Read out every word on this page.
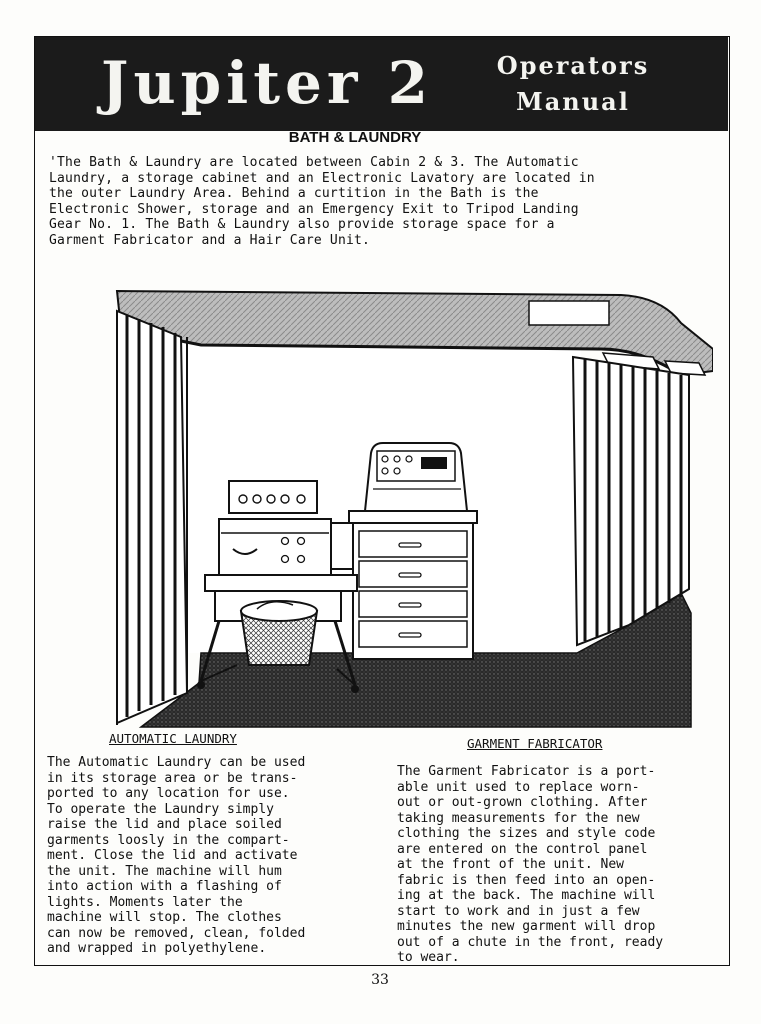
Jupiter 2	Operators
Manual
BATH & LAUNDRY
'The Bath & Laundry are located between Cabin 2 & 3. The Automatic
Laundry, a storage cabinet and an Electronic Lavatory are located in
the outer Laundry Area. Behind a curtition in the Bath is the
Electronic Shower, storage and an Emergency Exit to Tripod Landing
Gear No. 1. The Bath & Laundry also provide storage space for a
Garment Fabricator and a Hair Care Unit.
AUTOMATIC LAUNDRY	GARMENT FABRICATOR
The Automatic Laundry can be used
in its storage area or be trans-
ported to any location for use.
To operate the Laundry simply
raise the lid and place soiled
garments loosly in the compart-
ment. Close the lid and activate
the unit. The machine will hum
into action with a flashing of
lights. Moments later the
machine will stop. The clothes
can now be removed, clean, folded
and wrapped in polyethylene.
The Garment Fabricator is a port-
able unit used to replace worn-
out or out-grown clothing. After
taking measurements for the new
clothing the sizes and style code
are entered on the control panel
at the front of the unit. New
fabric is then feed into an open-
ing at the back. The machine will
start to work and in just a few
minutes the new garment will drop
out of a chute in the front, ready
to wear.
33
